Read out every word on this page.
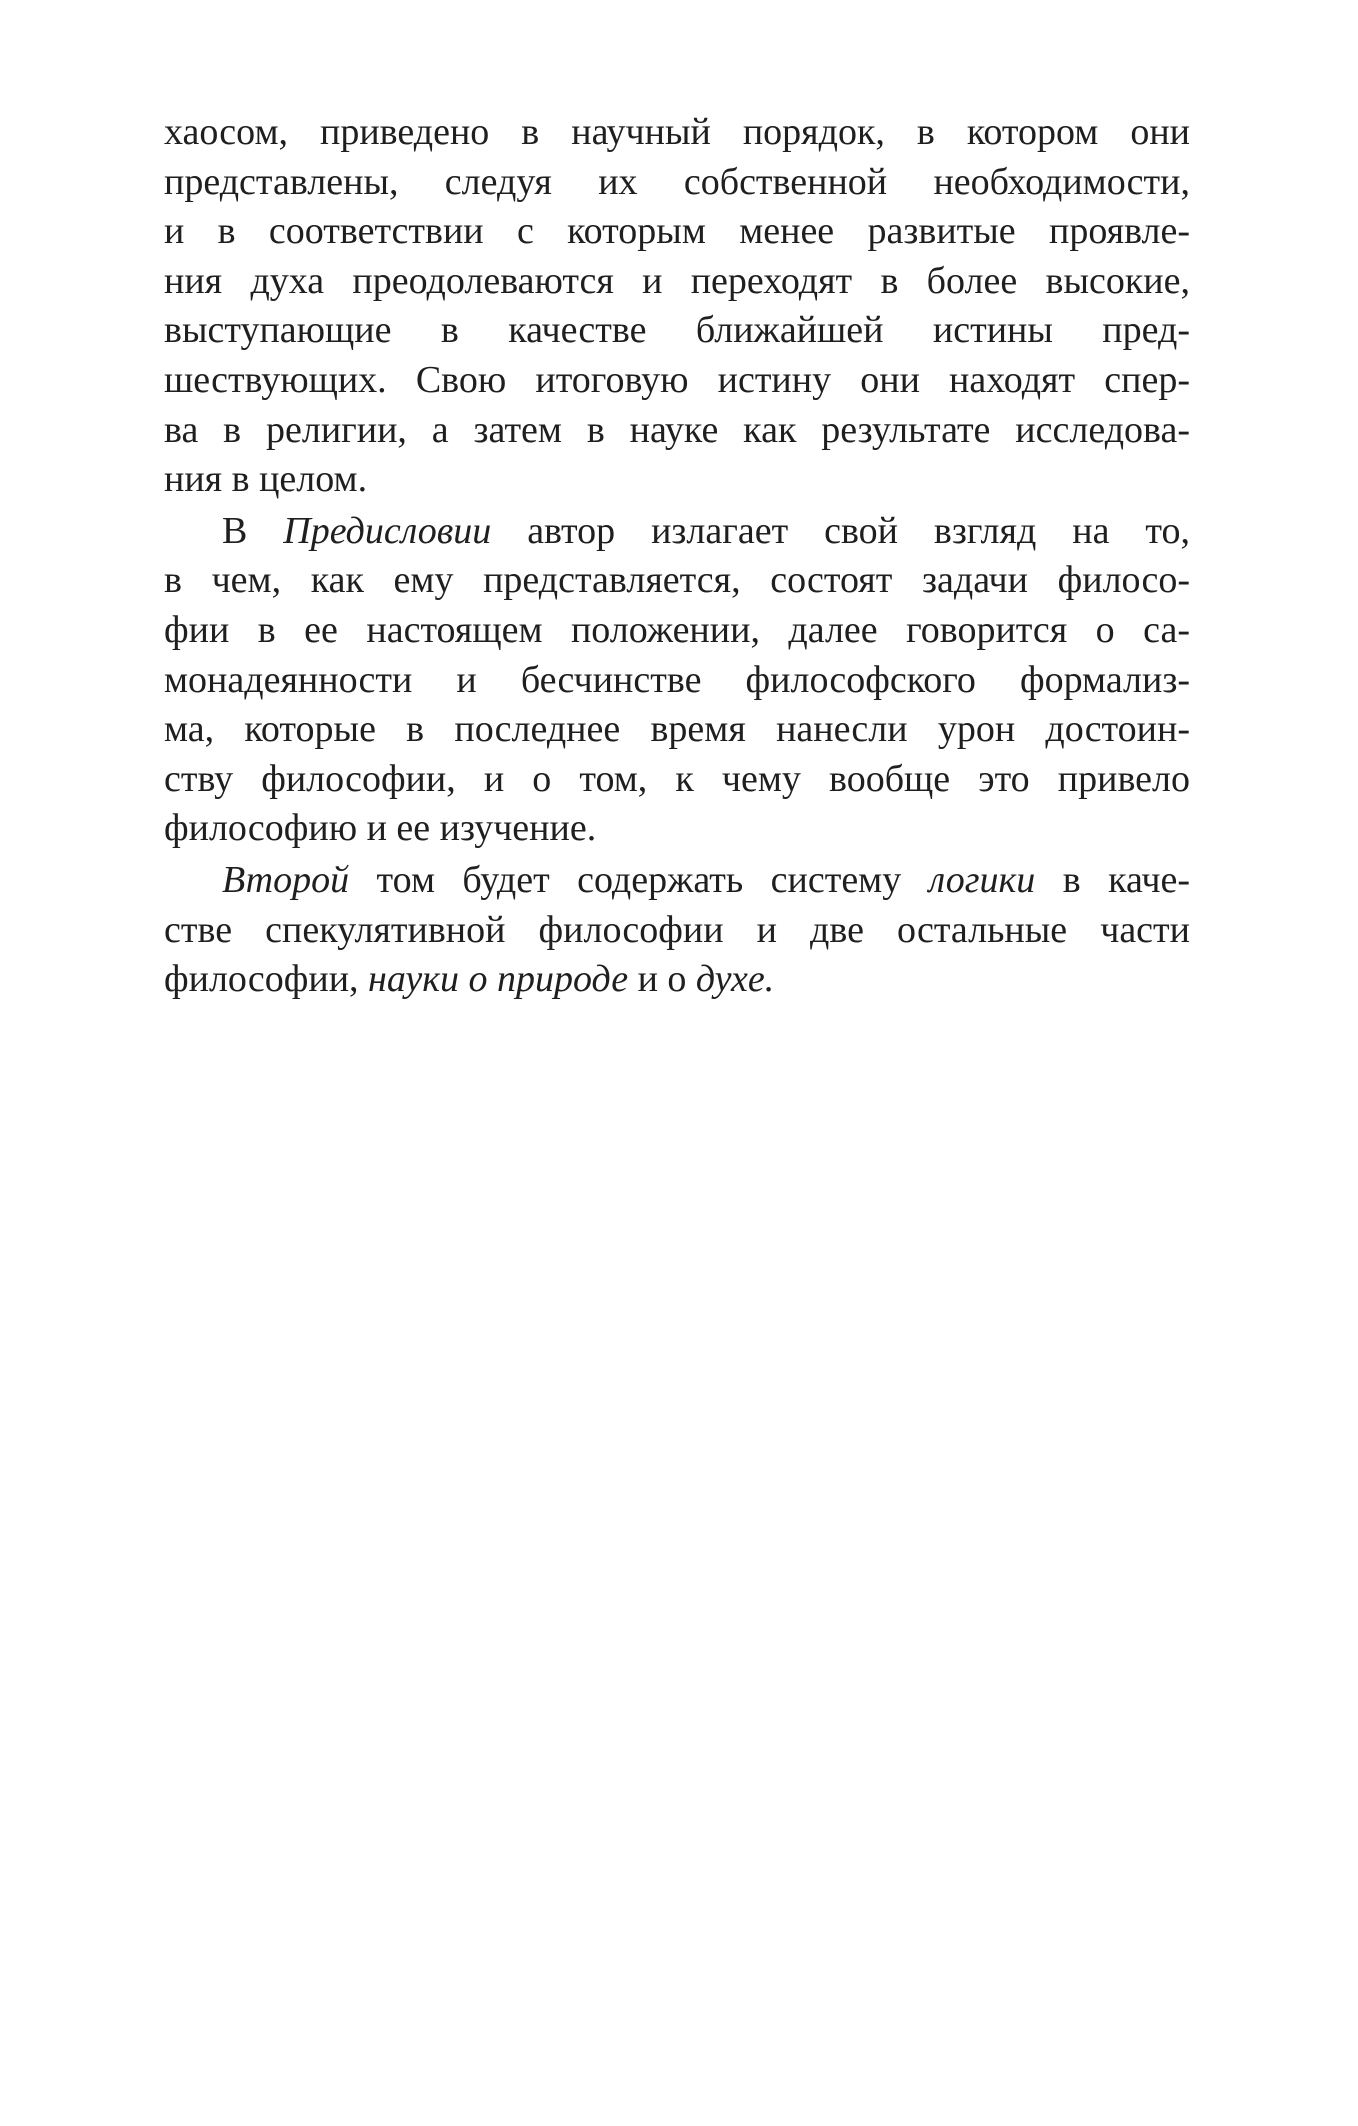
хаосом, приведено в научный порядок, в котором они
представлены, следуя их собственной необходимости,
и в соответствии с которым менее развитые проявле-
ния духа преодолеваются и переходят в более высокие,
выступающие в качестве ближайшей истины пред-
шествующих. Свою итоговую истину они находят спер-
ва в религии, а затем в науке как результате исследова-
ния в целом.
В Предисловии автор излагает свой взгляд на то,
в чем, как ему представляется, состоят задачи филосо-
фии в ее настоящем положении, далее говорится о са-
монадеянности и бесчинстве философского формализ-
ма, которые в последнее время нанесли урон достоин-
ству философии, и о том, к чему вообще это привело
философию и ее изучение.
Второй том будет содержать систему логики в каче-
стве спекулятивной философии и две остальные части
философии, науки о природе и о духе.
